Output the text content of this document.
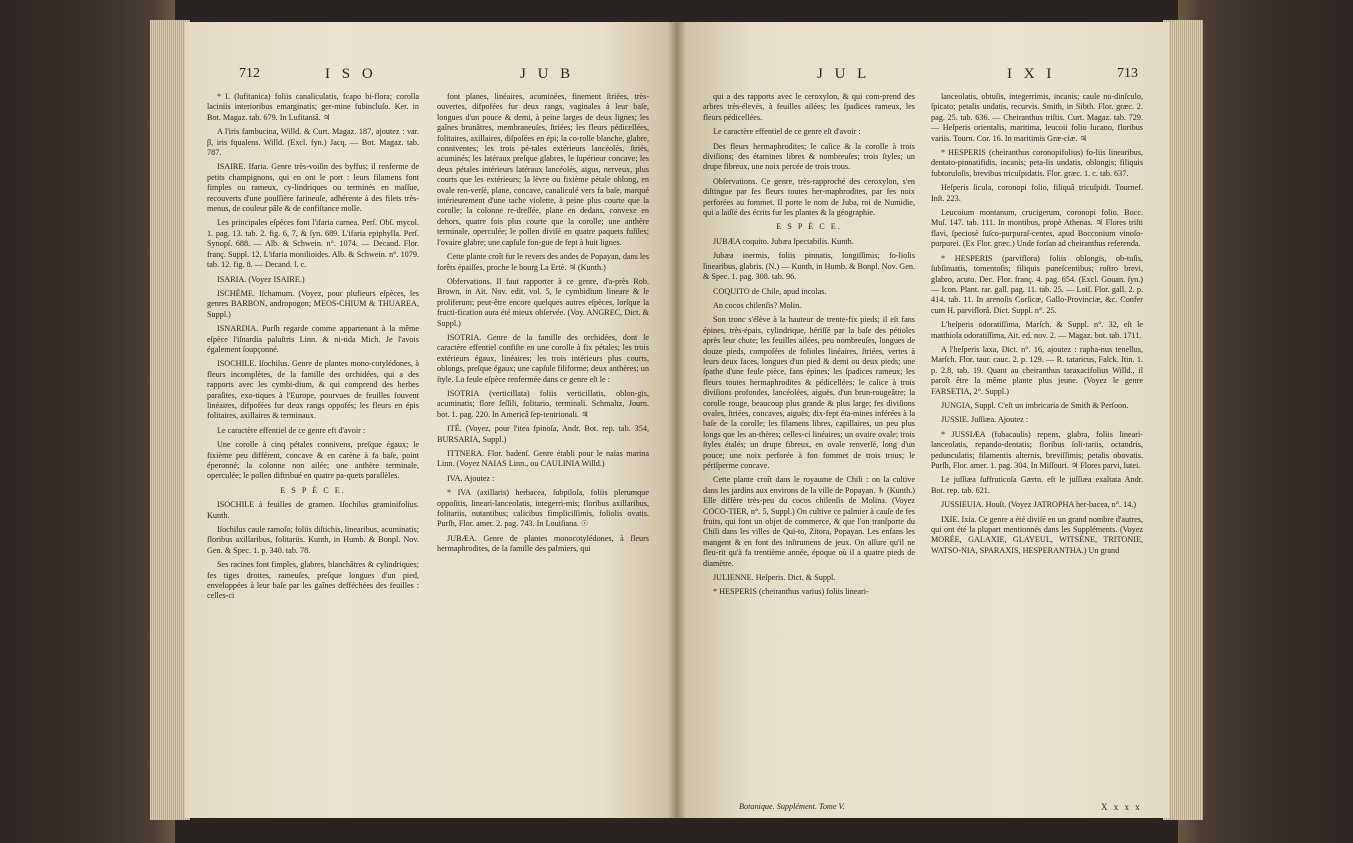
712	I S O	J U B

* I. (lufitanica) foliis canaliculatis, fcapo bi-flora; corolla laciniis interioribus emarginatis; ger-mine fubincluſo. Ker. in Bot. Magaz. tab. 679. In Lufitaniâ. ♃

A l'iris fambucina, Willd. & Curt. Magaz. 187, ajoutez : var. β, iris fqualens. Willd. (Excl. fyn.) Jacq. — Bot. Magaz. tab. 787.

ISAIRE. Ifaria. Genre très-voiſin des byffus; il renferme de petits champignons, qui en ont le port : leurs filamens font fimples ou rameux, cy-lindriques ou terminés en maſſue, recouverts d'une pouſſière farineuſe, adhérente à des filets très-menus, de couleur pâle & de confiſtance molle.

Les principales eſpèces font l'ifaria carnea. Perſ. Obſ. mycol. 1. pag. 13. tab. 2. fig. 6, 7, & ſyn. 689. L'ifaria epiphylla. Perſ. Synopſ. 688. — Alb. & Schwein. n°. 1074. — Decand. Flor. franç. Suppl. 12. L'ifaria monilioides. Alb. & Schwein. n°. 1079. tab. 12. fig. 8. — Decand. l. c.

ISARIA. (Voyez ISAIRE.)

ISCHÈME. Iſchamum. (Voyez, pour plufieurs eſpèces, les genres BARBON, andropogon; MEOS-CHIUM & THUAREA, Suppl.)

ISNARDIA. Purſh regarde comme appartenant à la même eſpèce l'iſnardia paluſtris Linn. & ni-tida Mich. Je l'avois également ſoupçonné.

ISOCHILE. Iſochilus. Genre de plantes mono-cotylédones, à fleurs incomplètes, de la famille des orchidées, qui a des rapports avec les cymbi-dium, & qui comprend des herbes paraſites, exo-tiques à l'Europe, pourvues de feuilles fouvent linéaires, difpofées fur deux rangs oppofés; les fleurs en épis folitaires, axillaires & terminaux.

Le caractère effentiel de ce genre eft d'avoir :

Une corolle à cinq pétales connivens, preſque égaux; le fixième peu différent, concave & en carène à fa baſe, point éperonné; la colonne non ailée; une anthère terminale, operculée; le pollen diftribué en quatre pa-quets parallèles.

E S P È C E.

ISOCHILE à feuilles de gramen. Iſochilus graminifolius. Kunth.

Iſochilus caule ramoſo; foliis diſtichis, linearibus, acuminatis; floribus axillaribus, folitariis. Kunth, in Humb. & Bonpl. Nov. Gen. & Spec. 1. p. 340. tab. 78.

Ses racines font fimples, glabres, blanchâtres & cylindriques; fes tiges droites, rameuſes, preſque longues d'un pied, enveloppées à leur baſe par les gaînes defféchées des feuilles : celles-ci

font planes, linéaires, acuminées, finement ſtriées, très-ouvertes, difpofées fur deux rangs, vaginales à leur baſe, longues d'un pouce & demi, à peine larges de deux lignes; les gaînes brunâtres, membraneuſes, ſtriées; les fleurs pédicellées, folitaires, axillaires, diſpoſées en épi; la co-rolle blanche, glabre, conniventes; les trois pé-tales extérieurs lancéolés, ſtriés, acuminés; les latéraux preſque glabres, le ſupérieur concave; les deux pétales intérieurs latéraux lancéolés, aigus, nerveux, plus courts que les extérieurs; la lèvre ou fixième pétale oblong, en ovale ren-verſé, plane, concave, canaliculé vers fa baſe, marqué intérieurement d'une tache violette, à peine plus courte que la corolle; la colonne re-dreſſée, plane en dedans, convexe en dehors, quatre fois plus courte que la corolle; une anthère terminale, operculée; le pollen diviſé en quatre paquets fuſiles; l'ovaire glabre; une capſule fon-gue de fept à huit lignes.

Cette plante croît fur le revers des andes de Popayan, dans les forêts épaiſſes, proche le bourg La Ertè. ♃ (Kunth.)

Obfervations. Il faut rapporter à ce genre, d'a-près Rob. Brown, in Ait. Nov. edit. vol. 5, le cymbidium lineare & le proliferum; peut-être encore quelques autres eſpèces, lorſque la fructi-fication aura été mieux obſervée. (Voy. ANGREC, Dict. & Suppl.)

ISOTRIA. Genre de la famille des orchidées, dont le caractère effentiel confiſte en une corolle à fix pétales; les trois extérieurs égaux, linéaires; les trois intérieurs plus courts, oblongs, preſque égaux; une capſule filiforme; deux anthères; un ſtyle. La feule eſpèce renfermée dans ce genre eſt le :

ISOTRIA (verticillata) foliis verticillatis, oblon-gis, acuminatis; flore ſeſſili, folitario, terminali. Schmaltz, Journ. bot. 1. pag. 220. In Americâ ſep-tentrionali. ♃

ITÉ. (Voyez, pour l'itea fpinoſa, Andr. Bot. rep. tab. 354, BURSARIA, Suppl.)

ITTNERA. Flor. badenſ. Genre établi pour le naïas marina Linn. (Voyez NAIAS Linn., ou CAULINIA Willd.)

IVA. Ajoutez :

* IVA (axillaris) herbacea, ſubpiloſa, foliis plerumque oppoſitis, lineari-lanceolatis, integerri-mis; floribus axillaribus, folitariis, nutantibus; calicibus fimpliciſſimis, foliolis ovatis. Purſh, Flor. amer. 2. pag. 743. In Louiſiana. ☉

JUBÆA. Genre de plantes monocotylédones, à fleurs hermaphrodites, de la famille des palmiers, qui

J U L	I X I	713

qui a des rapports avec le ceroxylon, & qui com-prend des arbres très-élevés, à feuilles ailées; les ſpadices rameux, les fleurs pédicellées.

Le caractère effentiel de ce genre eſt d'avoir :

Des fleurs hermaphrodites; le calice & la corolle à trois diviſions; des étamines libres & nombreuſes; trois ſtyles; un drupe fibreux, une noix percée de trois trous.

Obſervations. Ce genre, très-rapproché des ceroxylon, s'en diſtingue par fes fleurs toutes her-maphrodites, par fes noix perforées au fommet. Il porte le nom de Juba, roi de Numidie, qui a laiſſé des écrits fur les plantes & la géographie.

E S P È C E.

JUBÆA coquito. Jubæa ſpectabilis. Kunth.

Jubæa inermis, foliis pinnatis, longiſſimis; fo-liolis linearibus, glabris. (N.) — Kunth, in Humb. & Bonpl. Nov. Gen. & Spec. 1. pag. 308. tab. 96.

COQUITO de Chile, apud incolas.

An cocos chilenſis? Molin.

Son tronc s'élève à la hauteur de trente-fix pieds; il eſt fans épines, très-épais, cylindrique, hériſſé par la baſe des pétioles après leur chute; les feuilles ailées, peu nombreuſes, longues de douze pieds, compoſées de folioles linéaires, ſtriées, vertes à leurs deux faces, longues d'un pied & demi ou deux pieds; une ſpathe d'une feule pièce, fans épines; les ſpadices rameux; les fleurs toutes hermaphrodites & pédicellées; le calice à trois diviſions profondes, lancéolées, aiguës, d'un brun-rougeâtre; la corolle rouge, beaucoup plus grande & plus large; fes diviſions ovales, ſtriées, concaves, aiguës; dix-fept éta-mines inférées à la baſe de la corolle; les filamens libres, capillaires, un peu plus longs que les an-thères; celles-ci linéaires; un ovaire ovale; trois ſtyles étalés; un drupe fibreux, en ovale renverſé, long d'un pouce; une noix perforée à fon fommet de trois trous; le périſperme concave.

Cette plante croît dans le royaume de Chili : on la cultive dans les jardins aux environs de la ville de Popayan. ♄ (Kunth.) Elle diffère très-peu du cocos chilenſis de Molina. (Voyez COCO-TIER, n°. 5, Suppl.) On cultive ce palmier à cauſe de fes fruits, qui font un objet de commerce, & que l'on tranſporte du Chili dans les villes de Qui-to, Zitora, Popayan. Les enfans les mangent & en font des inſtrumens de jeux. On aſſure qu'il ne fleu-rit qu'à fa trentième année, époque où il a quatre pieds de diamètre.

JULIENNE. Heſperis. Dict. & Suppl.

* HESPERIS (cheiranthus varius) foliis lineari-

lanceolatis, obtuſis, integerrimis, incanis; caule nu-dinſculo, ſpicato; petalis undatis, recurvis. Smith, in Sibth. Flor. græc. 2. pag. 25. tab. 636. — Cheiranthus triſtis. Curt. Magaz. tab. 729. — Heſperis orientalis, maritima, leucoii folio lucano, floribus variis. Tourn. Cor. 16. In maritimis Græ-ciæ. ♃

* HESPERIS (cheiranthus coronopifolius) fo-liis linearibus, dentato-pinnatifidis, incanis; peta-lis undatis, oblongis; filiquis fubtoruloſis, brevibus tricuſpidatis. Flor. græc. 1. c. tab. 637.

Heſperis ſicula, coronopi folio, filiquâ tricuſpidi. Tournef. Inſt. 223.

Leucoium montanum, crucigerum, coronopi folio. Bocc. Muſ. 147. tab. 111. In montibus, propè Athenas. ♃ Flores triſti flavi, ſpeciosè ſuſco-purpuraſ-centes, apud Bocconium vinoſo-purpurei. (Ex Flor. græc.) Unde forſan ad cheiranthus referenda.

* HESPERIS (parviflora) foliis oblongis, ob-tuſis, ſubſinuatis, tomentoſis; filiquis puneſcentibus; roſtro brevi, glabro, acuto. Dec. Flor. franç. 4. pag. 654. (Excl. Gouan. ſyn.) — Icon. Plant. rar. gall. pag. 11. tab. 25. — Loiſ. Flor. gall. 2. p. 414. tab. 11. In arenoſis Corſicæ, Gallo-Provinciæ, &c. Confer cum H. parviflorâ. Dict. Suppl. n°. 25.

L'heſperis odoratiſſima, Marſch. & Suppl. n°. 32, eſt le matthiola odoratiſſima, Ait. ed. nov. 2. — Magaz. bot. tab. 1711.

A l'heſperis laxa, Dict. n°. 16, ajoutez : rapha-nus tenellus, Marſch. Flor. taur. cauc. 2. p. 129. — R. tataricus, Falck. Itin. 1. p. 2.8, tab. 19. Quant au cheiranthus taraxacifolius Willd., il paroît être la même plante plus jeune. (Voyez le genre FARSETIA, 2°. Suppl.)

JUNGIA, Suppl. C'eſt un imbricaria de Smith & Perſoon.

JUSSIE. Juſſiæa. Ajoutez :

* JUSSIÆA (fubacaulis) repens, glabra, foliis lineari-lanceolatis, repando-dentatis; floribus ſoli-tariis, octandris, pedunculatis; filamentis alternis, breviſſimis; petalis obovatis. Purſh, Flor. amer. 1. pag. 304. In Miſſouri. ♃ Flores parvi, lutei.

Le juſſiæa ſuffruticoſa Gærtn. eſt le juſſiæa exaltata Andr. Bot. rep. tab. 621.

JUSSIEUIA. Houſt. (Voyez JATROPHA her-bacea, n°. 14.)

IXIE. Ixia. Ce genre a été diviſé en un grand nombre d'autres, qui ont été la plupart mentionnés dans les Suppléments. (Voyez MORÉE, GALAXIE, GLAYEUL, WITSÈNE, TRITONIE, WATSO-NIA, SPARAXIS, HESPERANTHA.) Un grand

Botanique. Supplément. Tome V.	X x x x
